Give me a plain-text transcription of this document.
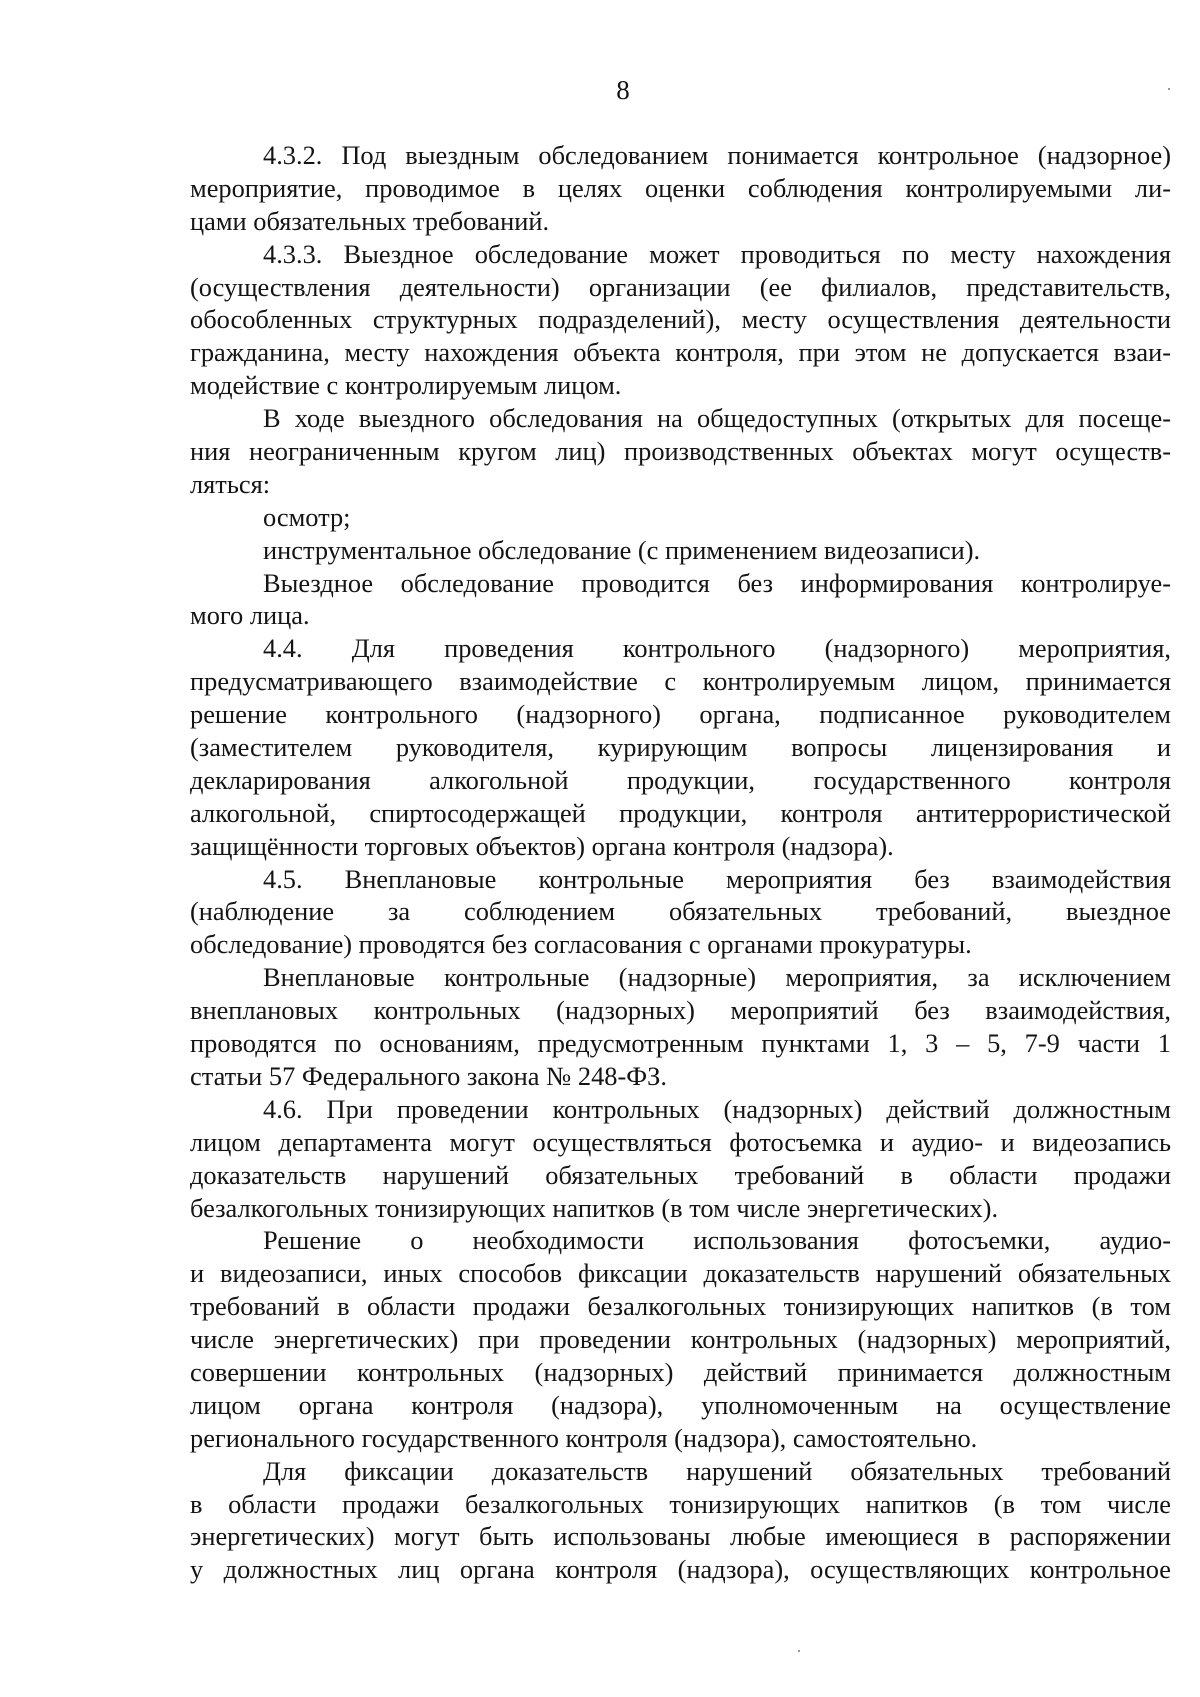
8
4.3.2. Под выездным обследованием понимается контрольное (надзорное)
мероприятие, проводимое в целях оценки соблюдения контролируемыми ли-
цами обязательных требований.
4.3.3. Выездное обследование может проводиться по месту нахождения
(осуществления деятельности) организации (ее филиалов, представительств,
обособленных структурных подразделений), месту осуществления деятельности
гражданина, месту нахождения объекта контроля, при этом не допускается взаи-
модействие с контролируемым лицом.
В ходе выездного обследования на общедоступных (открытых для посеще-
ния неограниченным кругом лиц) производственных объектах могут осуществ-
ляться:
осмотр;
инструментальное обследование (с применением видеозаписи).
Выездное обследование проводится без информирования контролируе-
мого лица.
4.4. Для проведения контрольного (надзорного) мероприятия,
предусматривающего взаимодействие с контролируемым лицом, принимается
решение контрольного (надзорного) органа, подписанное руководителем
(заместителем руководителя, курирующим вопросы лицензирования и
декларирования алкогольной продукции, государственного контроля
алкогольной, спиртосодержащей продукции, контроля антитеррористической
защищённости торговых объектов) органа контроля (надзора).
4.5. Внеплановые контрольные мероприятия без взаимодействия
(наблюдение за соблюдением обязательных требований, выездное
обследование) проводятся без согласования с органами прокуратуры.
Внеплановые контрольные (надзорные) мероприятия, за исключением
внеплановых контрольных (надзорных) мероприятий без взаимодействия,
проводятся по основаниям, предусмотренным пунктами 1, 3 – 5, 7-9 части 1
статьи 57 Федерального закона № 248-ФЗ.
4.6. При проведении контрольных (надзорных) действий должностным
лицом департамента могут осуществляться фотосъемка и аудио- и видеозапись
доказательств нарушений обязательных требований в области продажи
безалкогольных тонизирующих напитков (в том числе энергетических).
Решение о необходимости использования фотосъемки, аудио-
и видеозаписи, иных способов фиксации доказательств нарушений обязательных
требований в области продажи безалкогольных тонизирующих напитков (в том
числе энергетических) при проведении контрольных (надзорных) мероприятий,
совершении контрольных (надзорных) действий принимается должностным
лицом органа контроля (надзора), уполномоченным на осуществление
регионального государственного контроля (надзора), самостоятельно.
Для фиксации доказательств нарушений обязательных требований
в области продажи безалкогольных тонизирующих напитков (в том числе
энергетических) могут быть использованы любые имеющиеся в распоряжении
у должностных лиц органа контроля (надзора), осуществляющих контрольное
